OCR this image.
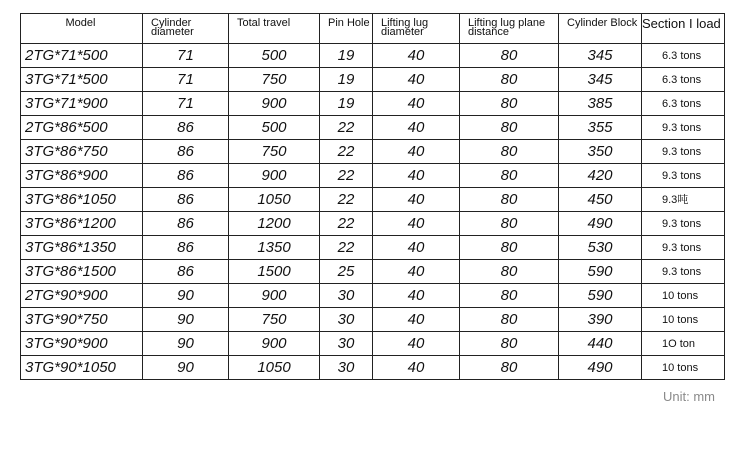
Model	Cylinder diameter	Total travel	Pin Hole	Lifting lug diameter	Lifting lug plane distance	Cylinder Block	Section I load
2TG*71*500	71	500	19	40	80	345	6.3 tons
3TG*71*500	71	750	19	40	80	345	6.3 tons
3TG*71*900	71	900	19	40	80	385	6.3 tons
2TG*86*500	86	500	22	40	80	355	9.3 tons
3TG*86*750	86	750	22	40	80	350	9.3 tons
3TG*86*900	86	900	22	40	80	420	9.3 tons
3TG*86*1050	86	1050	22	40	80	450	9.3吨
3TG*86*1200	86	1200	22	40	80	490	9.3 tons
3TG*86*1350	86	1350	22	40	80	530	9.3 tons
3TG*86*1500	86	1500	25	40	80	590	9.3 tons
2TG*90*900	90	900	30	40	80	590	10 tons
3TG*90*750	90	750	30	40	80	390	10 tons
3TG*90*900	90	900	30	40	80	440	1O ton
3TG*90*1050	90	1050	30	40	80	490	10 tons
Unit: mm
